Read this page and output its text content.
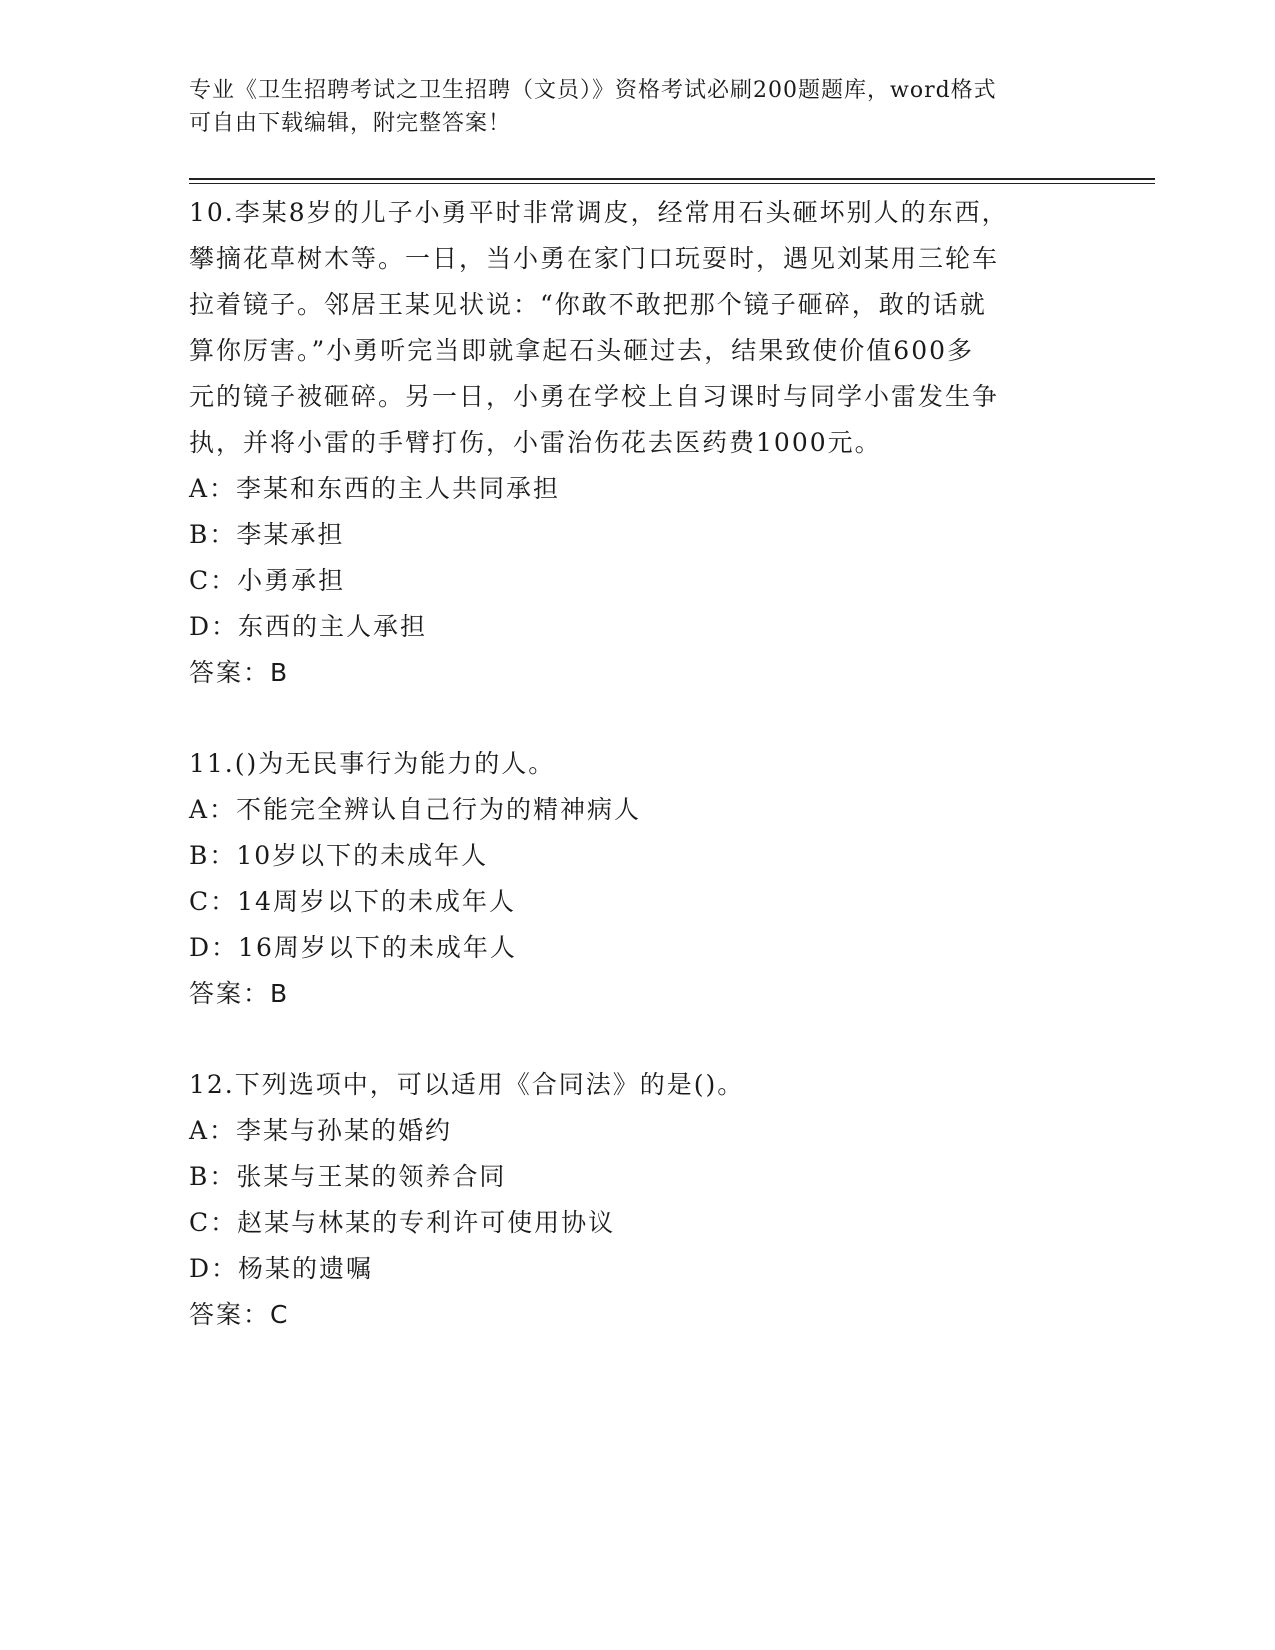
专业《卫生招聘考试之卫生招聘（文员）》资格考试必刷200题题库，word格式
可自由下载编辑，附完整答案！

10.李某8岁的儿子小勇平时非常调皮，经常用石头砸坏别人的东西，

攀摘花草树木等。一日，当小勇在家门口玩耍时，遇见刘某用三轮车

拉着镜子。邻居王某见状说：“你敢不敢把那个镜子砸碎，敢的话就

算你厉害。”小勇听完当即就拿起石头砸过去，结果致使价值600多

元的镜子被砸碎。另一日，小勇在学校上自习课时与同学小雷发生争

执，并将小雷的手臂打伤，小雷治伤花去医药费1000元。

A：李某和东西的主人共同承担

B：李某承担

C：小勇承担

D：东西的主人承担

答案：B

11.()为无民事行为能力的人。

A：不能完全辨认自己行为的精神病人

B：10岁以下的未成年人

C：14周岁以下的未成年人

D：16周岁以下的未成年人

答案：B

12.下列选项中，可以适用《合同法》的是()。

A：李某与孙某的婚约

B：张某与王某的领养合同

C：赵某与林某的专利许可使用协议

D：杨某的遗嘱

答案：C
